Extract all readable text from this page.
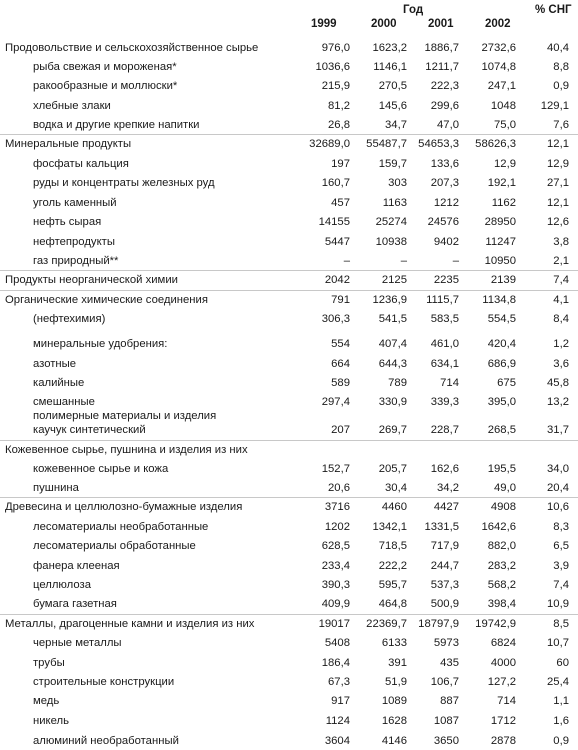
Год
1999	2000	2001	2002
% СНГ
Продовольствие и сельскохозяйственное сырье	976,0 1623,2 1886,7 2732,6	40,4
рыба свежая и мороженая*	1036,6 1146,1 1211,7 1074,8	8,8
ракообразные и моллюски*	215,9	270,5 222,3	247,1	0,9
хлебные злаки	81,2	145,6 299,6	1048 129,1
водка и другие крепкие напитки	26,8	34,7	47,0	75,0	7,6
Минеральные продукты	32689,0 55487,7 54653,3 58626,3	12,1
фосфаты кальция	197	159,7 133,6	12,9	12,9
руды и концентраты железных руд	160,7	303 207,3	192,1	27,1
уголь каменный	457	1163 1212	1162	12,1
нефть сырая	14155 25274 24576 28950	12,6
нефтепродукты	5447 10938 9402 11247	3,8
газ природный**	–	–	– 10950	2,1
Продукты неорганической химии	2042	2125 2235	2139	7,4
Органические химические соединения	791 1236,9 1115,7 1134,8	4,1
(нефтехимия)	306,3	541,5 583,5	554,5	8,4
минеральные удобрения:	554	407,4 461,0	420,4	1,2
азотные	664	644,3 634,1	686,9	3,6
калийные	589	789	714	675	45,8
смешанные	297,4	330,9 339,3	395,0	13,2
полимерные материалы и изделия
каучук синтетический	207	269,7 228,7	268,5	31,7
Кожевенное сырье, пушнина и изделия из них
кожевенное сырье и кожа	152,7	205,7 162,6	195,5	34,0
пушнина	20,6	30,4	34,2	49,0	20,4
Древесина и целлюлозно-бумажные изделия	3716	4460 4427	4908	10,6
лесоматериалы необработанные	1202 1342,1 1331,5 1642,6	8,3
лесоматериалы обработанные	628,5	718,5 717,9	882,0	6,5
фанера клееная	233,4	222,2 244,7	283,2	3,9
целлюлоза	390,3	595,7 537,3	568,2	7,4
бумага газетная	409,9	464,8 500,9	398,4	10,9
Металлы, драгоценные камни и изделия из них	19017 22369,7 18797,9 19742,9	8,5
черные металлы	5408	6133 5973	6824	10,7
трубы	186,4	391	435	4000	60
строительные конструкции	67,3	51,9 106,7	127,2	25,4
медь	917	1089	887	714	1,1
никель	1124	1628 1087	1712	1,6
алюминий необработанный	3604	4146 3650	2878	0,9
